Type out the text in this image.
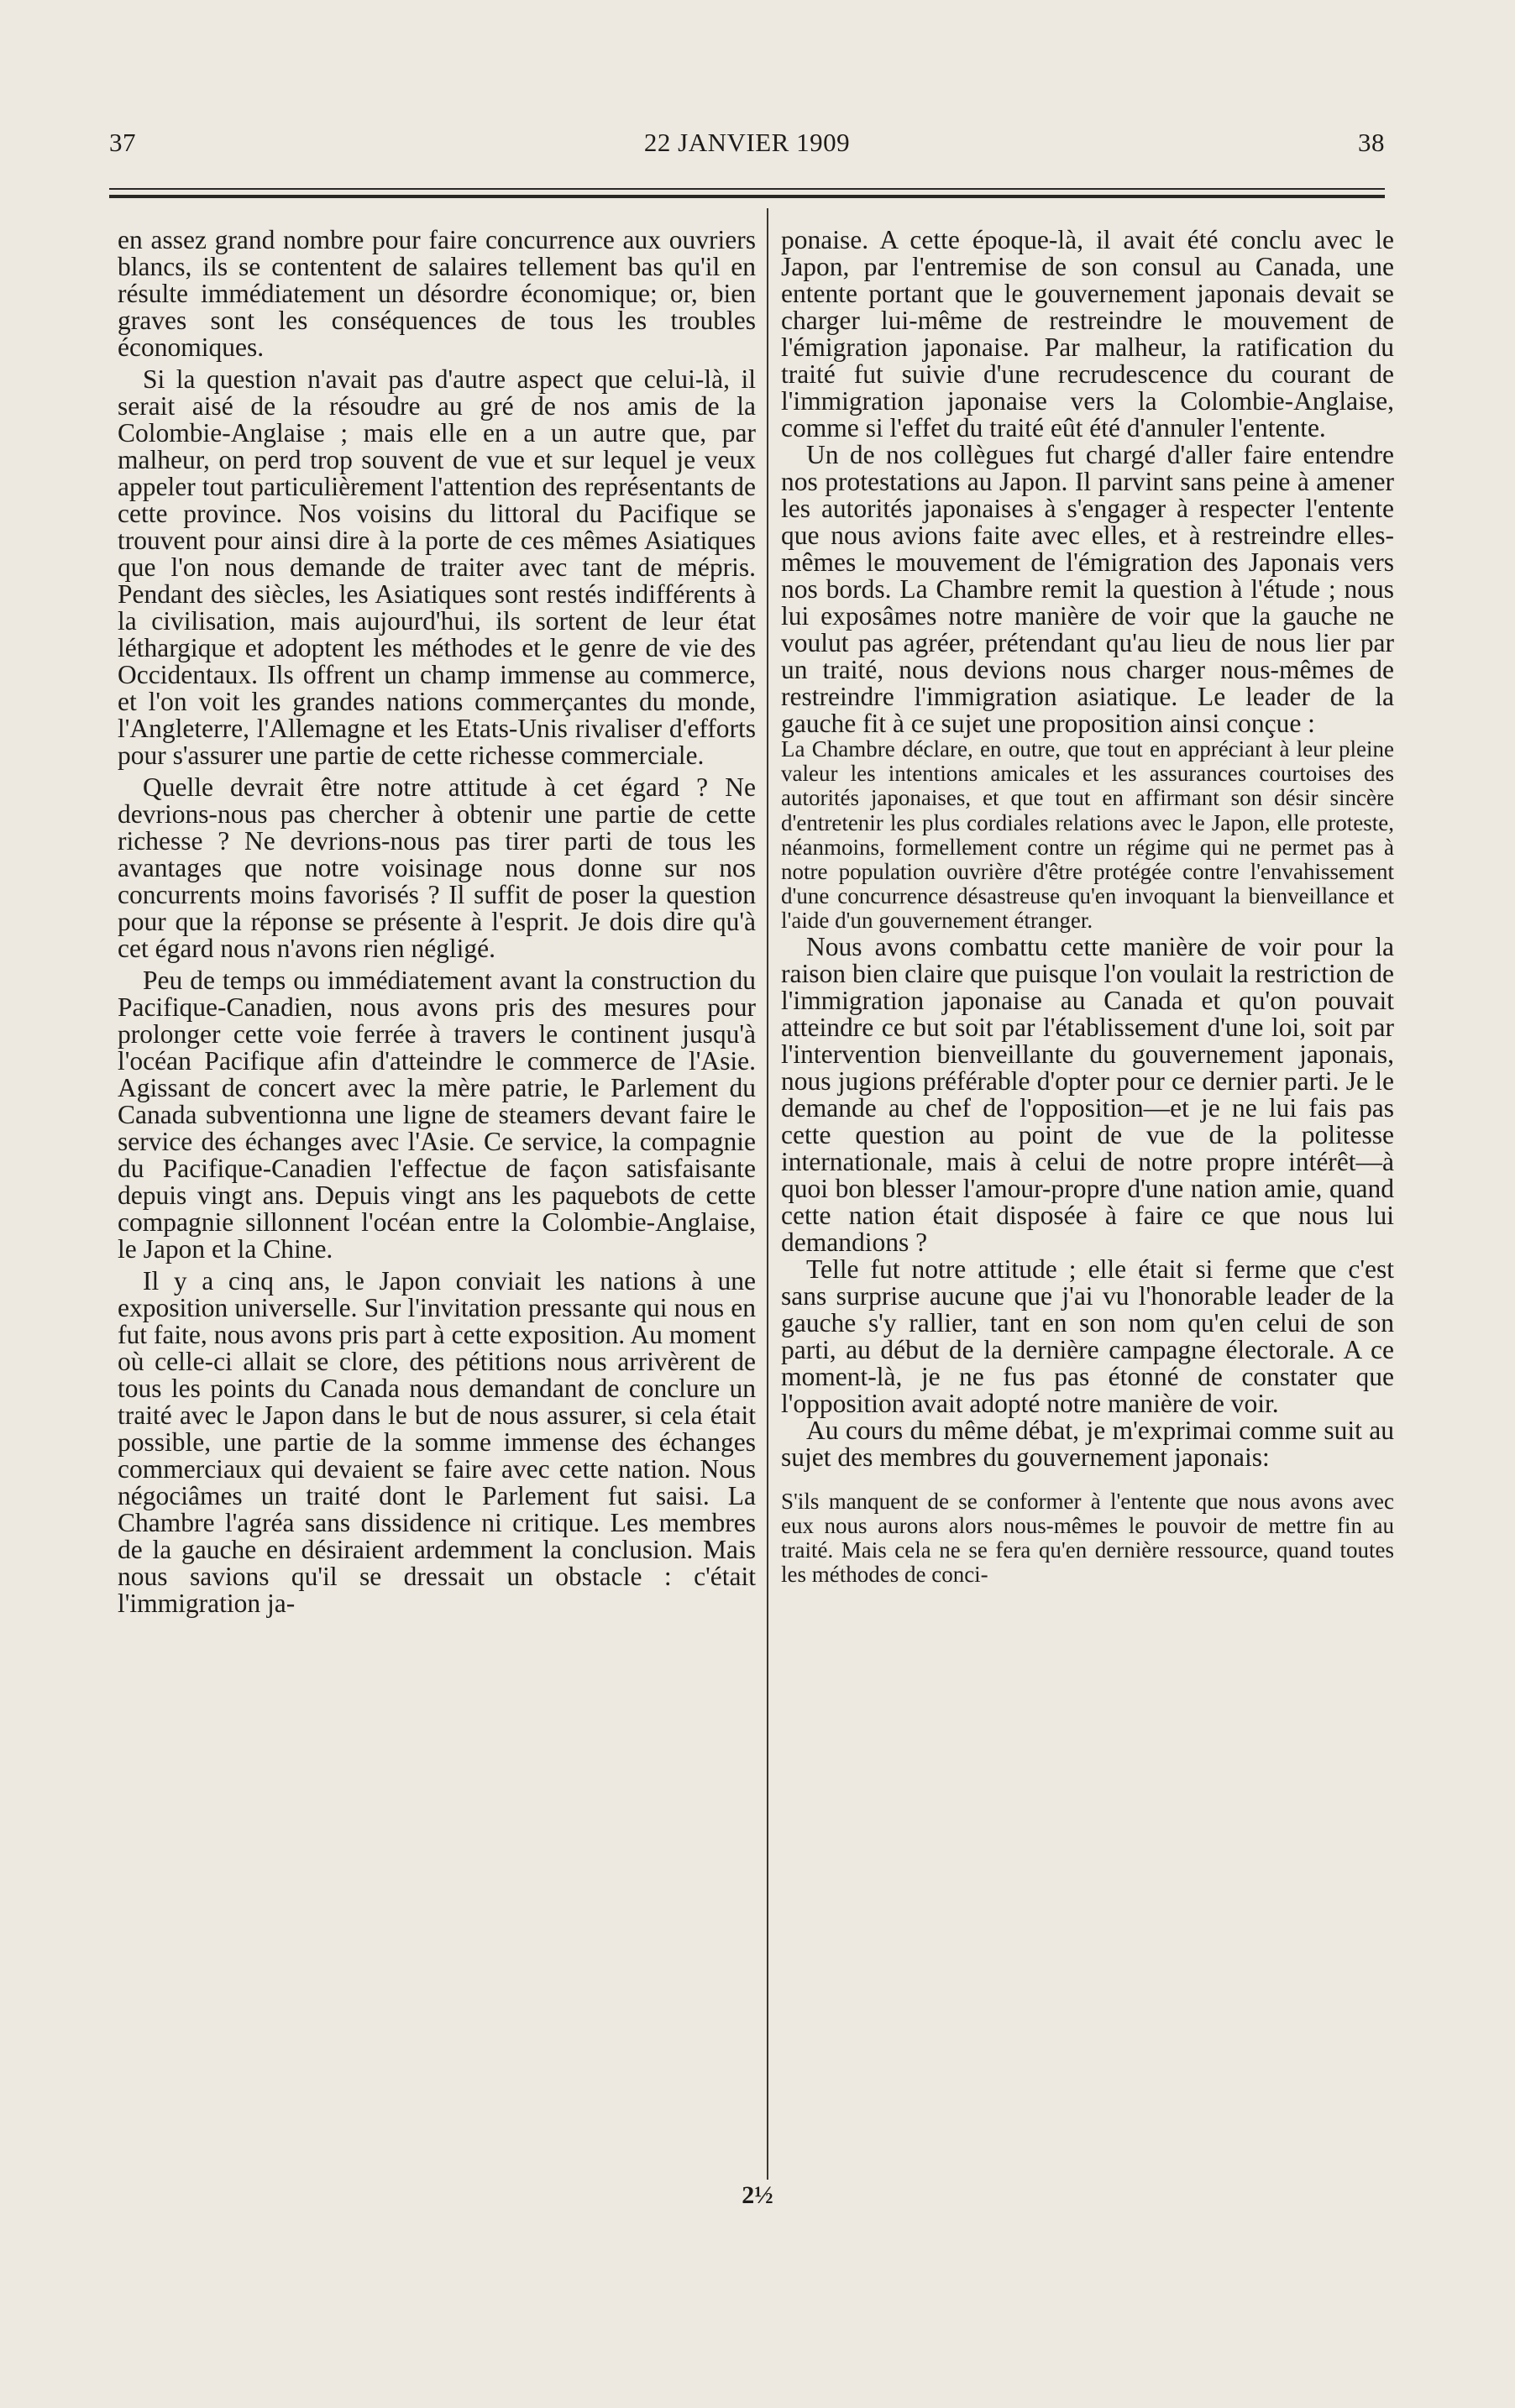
37	22 JANVIER 1909	38

en assez grand nombre pour faire concurrence aux ouvriers blancs, ils se contentent de salaires tellement bas qu'il en résulte immédiatement un désordre économique; or, bien graves sont les conséquences de tous les troubles économiques.

Si la question n'avait pas d'autre aspect que celui-là, il serait aisé de la résoudre au gré de nos amis de la Colombie-Anglaise ; mais elle en a un autre que, par malheur, on perd trop souvent de vue et sur lequel je veux appeler tout particulièrement l'attention des représentants de cette province. Nos voisins du littoral du Pacifique se trouvent pour ainsi dire à la porte de ces mêmes Asiatiques que l'on nous demande de traiter avec tant de mépris. Pendant des siècles, les Asiatiques sont restés indifférents à la civilisation, mais aujourd'hui, ils sortent de leur état léthargique et adoptent les méthodes et le genre de vie des Occidentaux. Ils offrent un champ immense au commerce, et l'on voit les grandes nations commerçantes du monde, l'Angleterre, l'Allemagne et les Etats-Unis rivaliser d'efforts pour s'assurer une partie de cette richesse commerciale.

Quelle devrait être notre attitude à cet égard ? Ne devrions-nous pas chercher à obtenir une partie de cette richesse ? Ne devrions-nous pas tirer parti de tous les avantages que notre voisinage nous donne sur nos concurrents moins favorisés ? Il suffit de poser la question pour que la réponse se présente à l'esprit. Je dois dire qu'à cet égard nous n'avons rien négligé.

Peu de temps ou immédiatement avant la construction du Pacifique-Canadien, nous avons pris des mesures pour prolonger cette voie ferrée à travers le continent jusqu'à l'océan Pacifique afin d'atteindre le commerce de l'Asie. Agissant de concert avec la mère patrie, le Parlement du Canada subventionna une ligne de steamers devant faire le service des échanges avec l'Asie. Ce service, la compagnie du Pacifique-Canadien l'effectue de façon satisfaisante depuis vingt ans. Depuis vingt ans les paquebots de cette compagnie sillonnent l'océan entre la Colombie-Anglaise, le Japon et la Chine.

Il y a cinq ans, le Japon conviait les nations à une exposition universelle. Sur l'invitation pressante qui nous en fut faite, nous avons pris part à cette exposition. Au moment où celle-ci allait se clore, des pétitions nous arrivèrent de tous les points du Canada nous demandant de conclure un traité avec le Japon dans le but de nous assurer, si cela était possible, une partie de la somme immense des échanges commerciaux qui devaient se faire avec cette nation. Nous négociâmes un traité dont le Parlement fut saisi. La Chambre l'agréa sans dissidence ni critique. Les membres de la gauche en désiraient ardemment la conclusion. Mais nous savions qu'il se dressait un obstacle : c'était l'immigration ja-

ponaise. A cette époque-là, il avait été conclu avec le Japon, par l'entremise de son consul au Canada, une entente portant que le gouvernement japonais devait se charger lui-même de restreindre le mouvement de l'émigration japonaise. Par malheur, la ratification du traité fut suivie d'une recrudescence du courant de l'immigration japonaise vers la Colombie-Anglaise, comme si l'effet du traité eût été d'annuler l'entente.

Un de nos collègues fut chargé d'aller faire entendre nos protestations au Japon. Il parvint sans peine à amener les autorités japonaises à s'engager à respecter l'entente que nous avions faite avec elles, et à restreindre elles-mêmes le mouvement de l'émigration des Japonais vers nos bords. La Chambre remit la question à l'étude ; nous lui exposâmes notre manière de voir que la gauche ne voulut pas agréer, prétendant qu'au lieu de nous lier par un traité, nous devions nous charger nous-mêmes de restreindre l'immigration asiatique. Le leader de la gauche fit à ce sujet une proposition ainsi conçue :

La Chambre déclare, en outre, que tout en appréciant à leur pleine valeur les intentions amicales et les assurances courtoises des autorités japonaises, et que tout en affirmant son désir sincère d'entretenir les plus cordiales relations avec le Japon, elle proteste, néanmoins, formellement contre un régime qui ne permet pas à notre population ouvrière d'être protégée contre l'envahissement d'une concurrence désastreuse qu'en invoquant la bienveillance et l'aide d'un gouvernement étranger.

Nous avons combattu cette manière de voir pour la raison bien claire que puisque l'on voulait la restriction de l'immigration japonaise au Canada et qu'on pouvait atteindre ce but soit par l'établissement d'une loi, soit par l'intervention bienveillante du gouvernement japonais, nous jugions préférable d'opter pour ce dernier parti. Je le demande au chef de l'opposition—et je ne lui fais pas cette question au point de vue de la politesse internationale, mais à celui de notre propre intérêt—à quoi bon blesser l'amour-propre d'une nation amie, quand cette nation était disposée à faire ce que nous lui demandions ?

Telle fut notre attitude ; elle était si ferme que c'est sans surprise aucune que j'ai vu l'honorable leader de la gauche s'y rallier, tant en son nom qu'en celui de son parti, au début de la dernière campagne électorale. A ce moment-là, je ne fus pas étonné de constater que l'opposition avait adopté notre manière de voir.

Au cours du même débat, je m'exprimai comme suit au sujet des membres du gouvernement japonais:

S'ils manquent de se conformer à l'entente que nous avons avec eux nous aurons alors nous-mêmes le pouvoir de mettre fin au traité. Mais cela ne se fera qu'en dernière ressource, quand toutes les méthodes de conci-

2½
